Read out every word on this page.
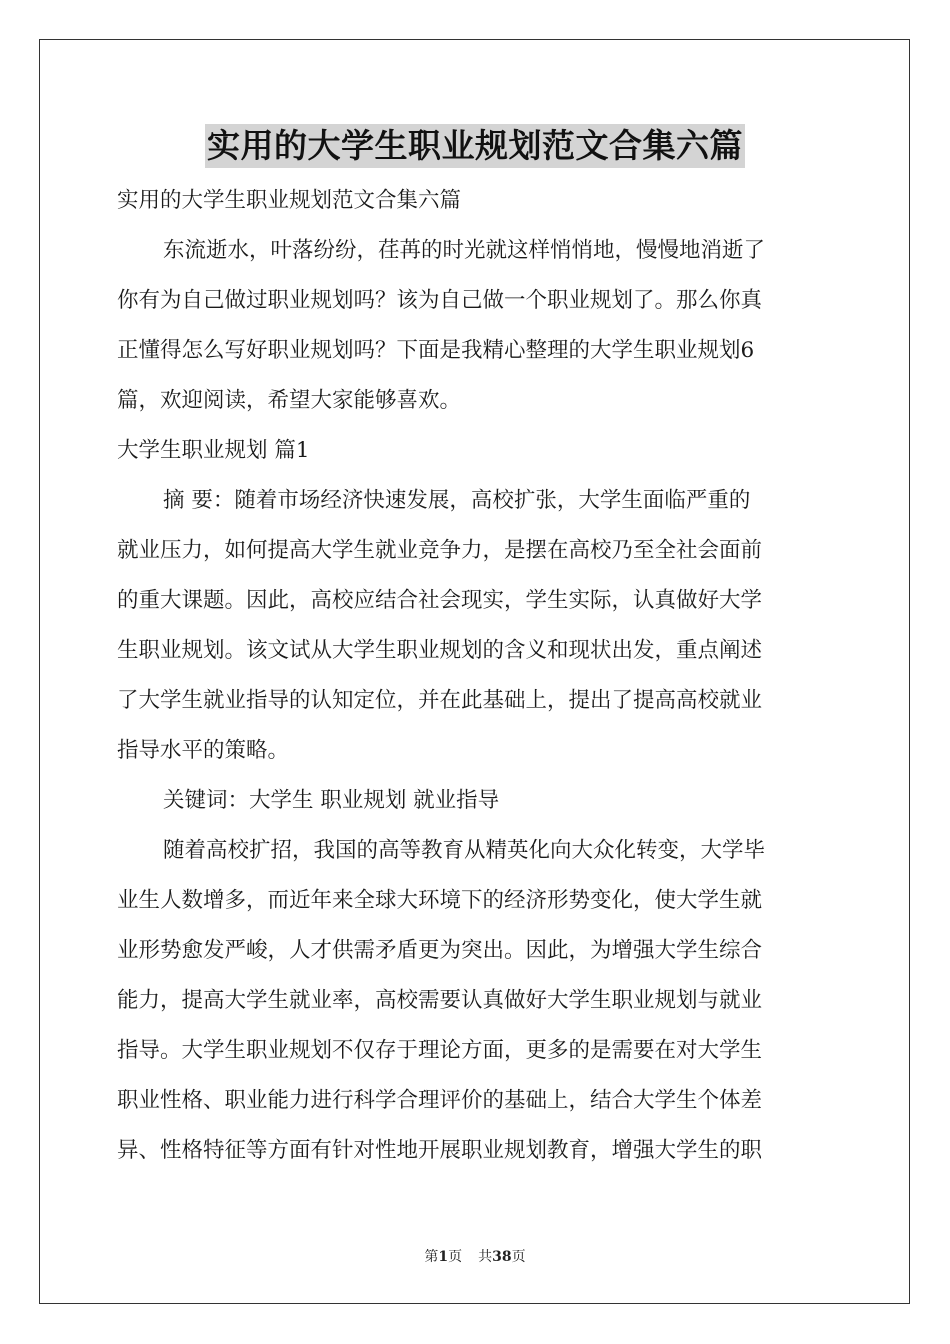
实用的大学生职业规划范文合集六篇
实用的大学生职业规划范文合集六篇
东流逝水，叶落纷纷，荏苒的时光就这样悄悄地，慢慢地消逝了
你有为自己做过职业规划吗？该为自己做一个职业规划了。那么你真
正懂得怎么写好职业规划吗？下面是我精心整理的大学生职业规划6
篇，欢迎阅读，希望大家能够喜欢。
大学生职业规划 篇1
摘 要：随着市场经济快速发展，高校扩张，大学生面临严重的
就业压力，如何提高大学生就业竞争力，是摆在高校乃至全社会面前
的重大课题。因此，高校应结合社会现实，学生实际，认真做好大学
生职业规划。该文试从大学生职业规划的含义和现状出发，重点阐述
了大学生就业指导的认知定位，并在此基础上，提出了提高高校就业
指导水平的策略。
关键词：大学生 职业规划 就业指导
随着高校扩招，我国的高等教育从精英化向大众化转变，大学毕
业生人数增多，而近年来全球大环境下的经济形势变化，使大学生就
业形势愈发严峻，人才供需矛盾更为突出。因此，为增强大学生综合
能力，提高大学生就业率，高校需要认真做好大学生职业规划与就业
指导。大学生职业规划不仅存于理论方面，更多的是需要在对大学生
职业性格、职业能力进行科学合理评价的基础上，结合大学生个体差
异、性格特征等方面有针对性地开展职业规划教育，增强大学生的职
第1页 共38页
